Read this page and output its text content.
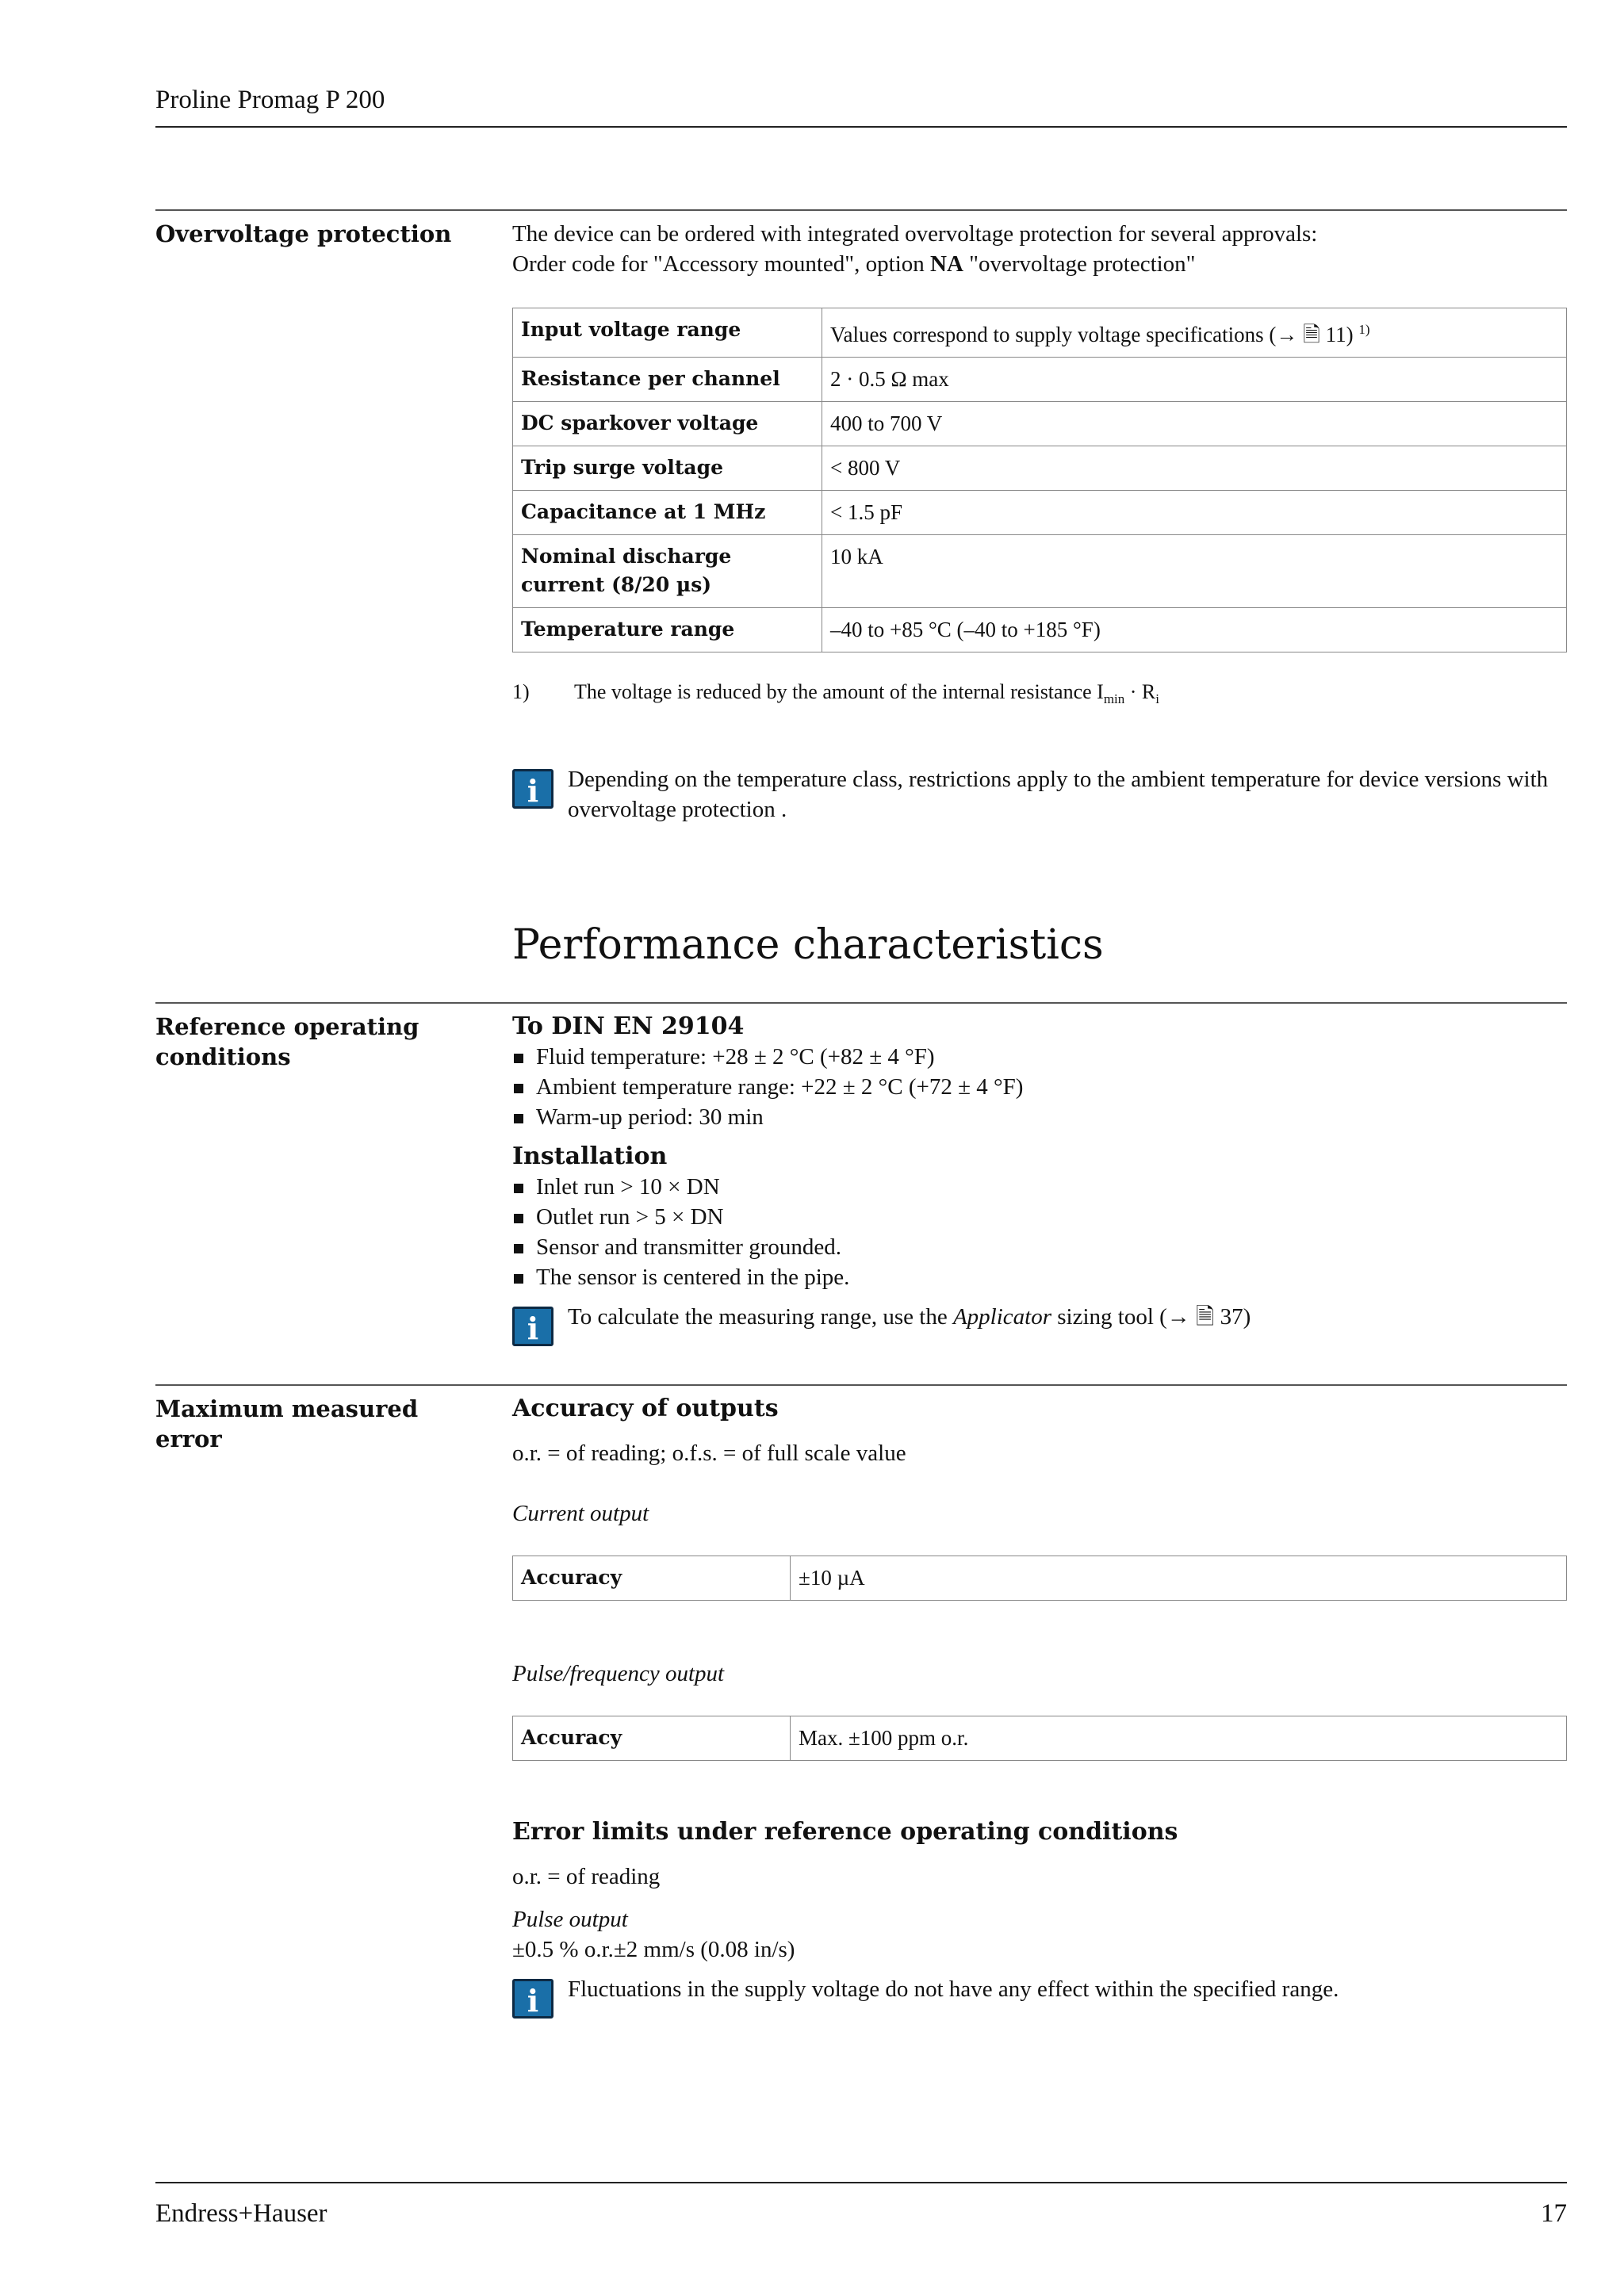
Proline Promag P 200
Overvoltage protection	The device can be ordered with integrated overvoltage protection for several approvals:
Order code for "Accessory mounted", option NA "overvoltage protection"
Input voltage range	Values correspond to supply voltage specifications (→ 🗎 11) $^{1)}$
Resistance per channel	2 · 0.5 Ω max
DC sparkover voltage	400 to 700 V
Trip surge voltage	< 800 V
Capacitance at 1 MHz	< 1.5 pF
Nominal discharge current (8/20 µs)	10 kA
Temperature range	–40 to +85 °C (–40 to +185 °F)
1) The voltage is reduced by the amount of the internal resistance $I_{min} \cdot R_i$
i	Depending on the temperature class, restrictions apply to the ambient temperature for device versions with overvoltage protection .
Performance characteristics
Reference operating conditions
To DIN EN 29104
Fluid temperature: +28 ± 2 °C (+82 ± 4 °F)
Ambient temperature range: +22 ± 2 °C (+72 ± 4 °F)
Warm-up period: 30 min
Installation
Inlet run > 10 × DN
Outlet run > 5 × DN
Sensor and transmitter grounded.
The sensor is centered in the pipe.
i	To calculate the measuring range, use the Applicator sizing tool (→ 🗎 37)
Maximum measured error
Accuracy of outputs
o.r. = of reading; o.f.s. = of full scale value
Current output
Accuracy	±10 µA
Pulse/frequency output
Accuracy	Max. ±100 ppm o.r.
Error limits under reference operating conditions
o.r. = of reading
Pulse output
±0.5 % o.r.±2 mm/s (0.08 in/s)
i	Fluctuations in the supply voltage do not have any effect within the specified range.
Endress+Hauser	17
